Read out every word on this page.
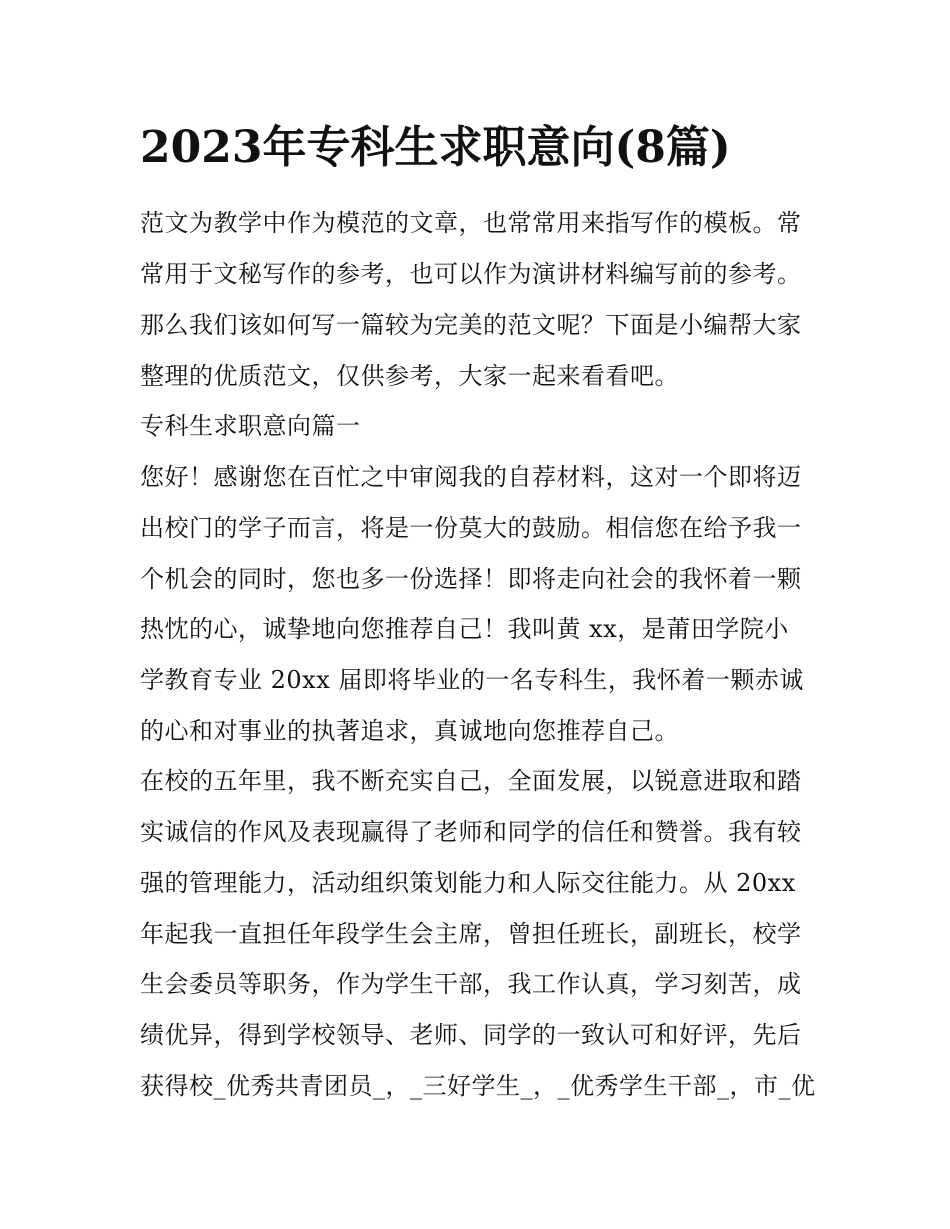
2023年专科生求职意向(8篇)
范文为教学中作为模范的文章，也常常用来指写作的模板。常
常用于文秘写作的参考，也可以作为演讲材料编写前的参考。
那么我们该如何写一篇较为完美的范文呢？下面是小编帮大家
整理的优质范文，仅供参考，大家一起来看看吧。
专科生求职意向篇一
您好！感谢您在百忙之中审阅我的自荐材料，这对一个即将迈
出校门的学子而言，将是一份莫大的鼓励。相信您在给予我一
个机会的同时，您也多一份选择！即将走向社会的我怀着一颗
热忱的心，诚挚地向您推荐自己！我叫黄 xx，是莆田学院小
学教育专业 20xx 届即将毕业的一名专科生，我怀着一颗赤诚
的心和对事业的执著追求，真诚地向您推荐自己。
在校的五年里，我不断充实自己，全面发展，以锐意进取和踏
实诚信的作风及表现赢得了老师和同学的信任和赞誉。我有较
强的管理能力，活动组织策划能力和人际交往能力。从 20xx
年起我一直担任年段学生会主席，曾担任班长，副班长，校学
生会委员等职务，作为学生干部，我工作认真，学习刻苦，成
绩优异，得到学校领导、老师、同学的一致认可和好评，先后
获得校_优秀共青团员_，_三好学生_，_优秀学生干部_，市_优
